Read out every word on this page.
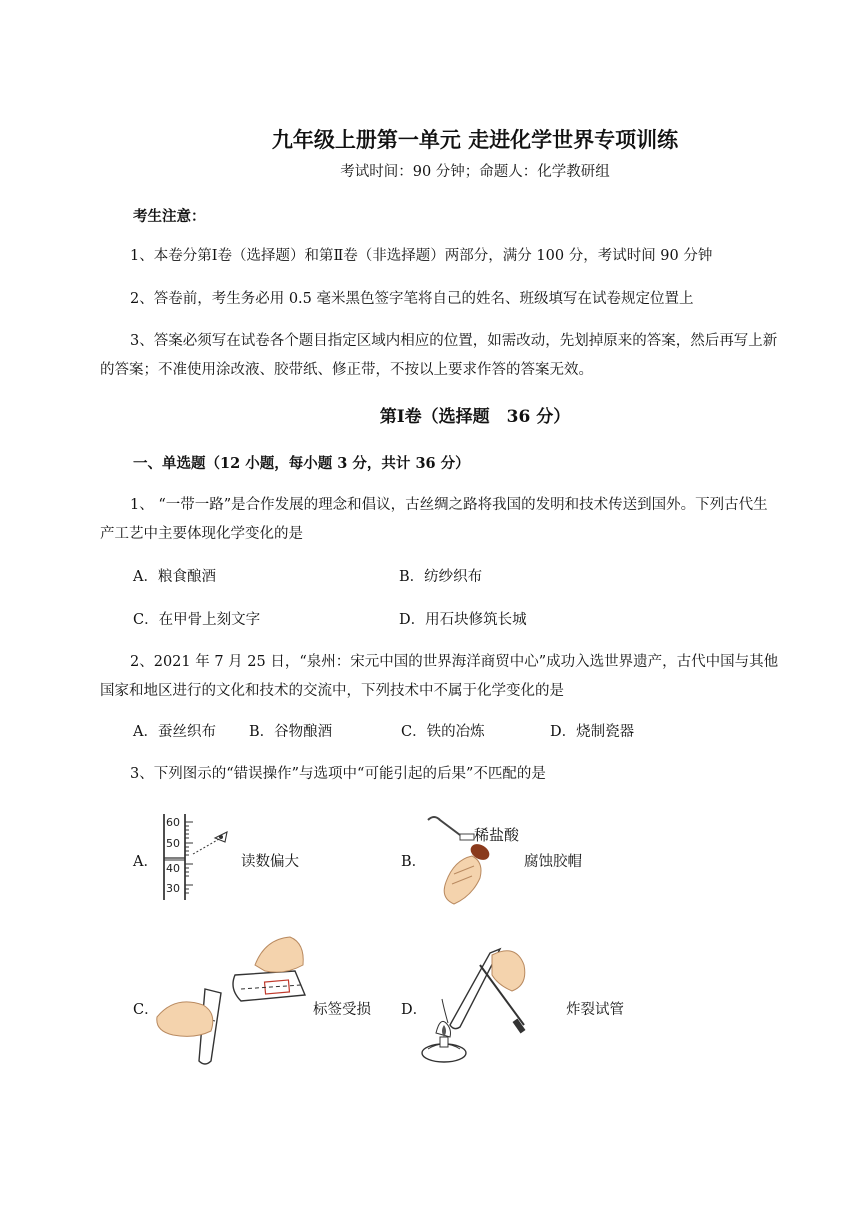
九年级上册第一单元 走进化学世界专项训练
考试时间：90 分钟；命题人：化学教研组
考生注意：
1、本卷分第Ⅰ卷（选择题）和第Ⅱ卷（非选择题）两部分，满分 100 分，考试时间 90 分钟
2、答卷前，考生务必用 0.5 毫米黑色签字笔将自己的姓名、班级填写在试卷规定位置上
3、答案必须写在试卷各个题目指定区域内相应的位置，如需改动，先划掉原来的答案，然后再写上新的答案；不准使用涂改液、胶带纸、修正带，不按以上要求作答的答案无效。
第Ⅰ卷（选择题　36 分）
一、单选题（12 小题，每小题 3 分，共计 36 分）
1、 “一带一路”是合作发展的理念和倡议，古丝绸之路将我国的发明和技术传送到国外。下列古代生产工艺中主要体现化学变化的是
A．粮食酿酒	B．纺纱织布
C．在甲骨上刻文字	D．用石块修筑长城
2、2021 年 7 月 25 日，“泉州：宋元中国的世界海洋商贸中心”成功入选世界遗产，古代中国与其他国家和地区进行的文化和技术的交流中，下列技术中不属于化学变化的是
A．蚕丝织布 B．谷物酿酒	C．铁的冶炼	D．烧制瓷器
3、下列图示的“错误操作”与选项中“可能引起的后果”不匹配的是
A．
60
50
40
30
读数偏大	B．
稀盐酸
腐蚀胶帽
C．	标签受损 D．	炸裂试管
